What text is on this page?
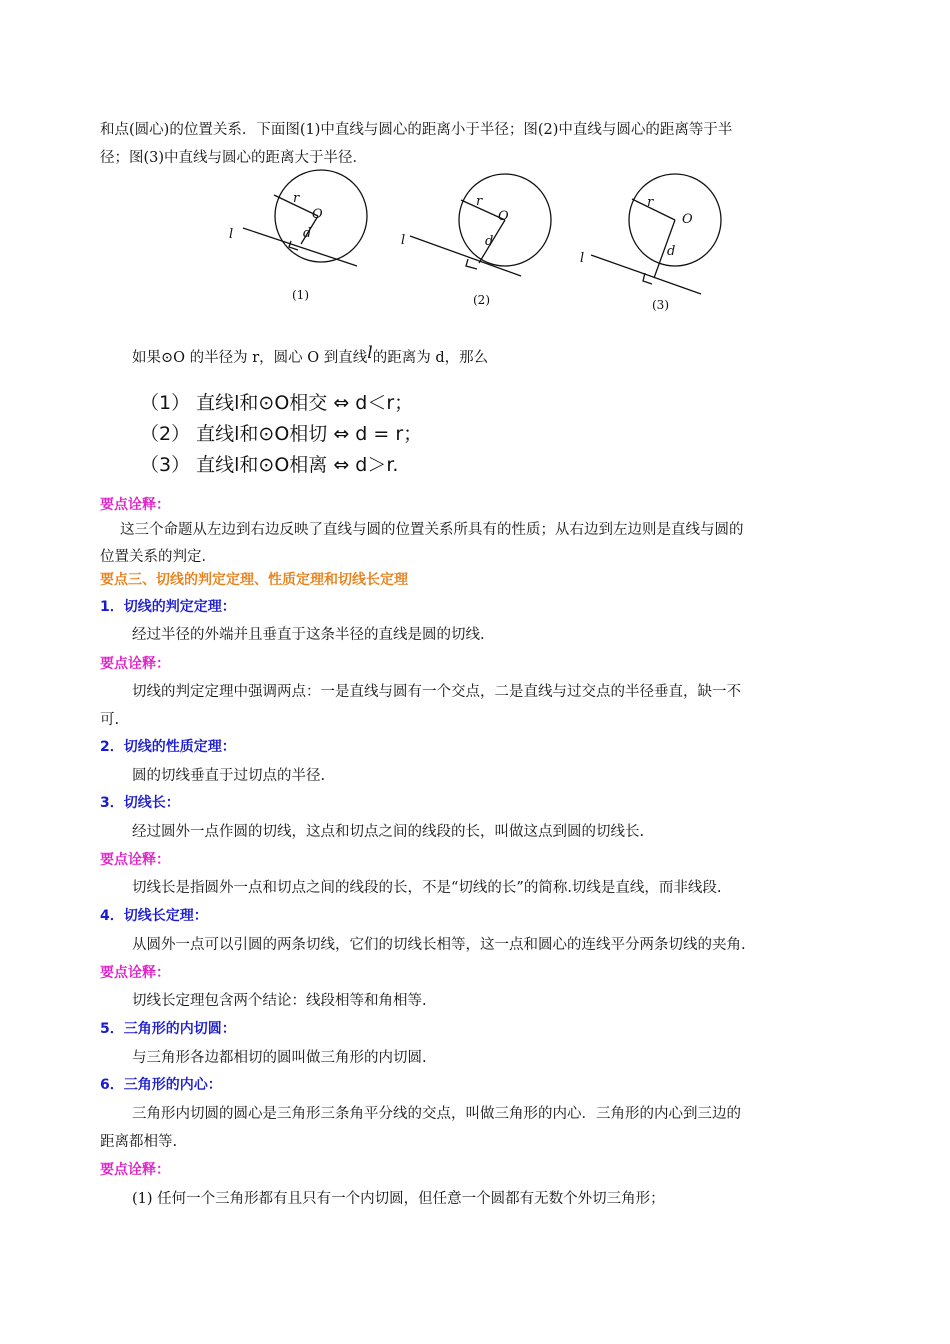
和点(圆心)的位置关系．下面图(1)中直线与圆心的距离小于半径；图(2)中直线与圆心的距离等于半
径；图(3)中直线与圆心的距离大于半径．
l
r
O
d	l
r
O
d
l
r
O
d
(1)	(2)	(3)
如果⊙O 的半径为 r，圆心 O 到直线l的距离为 d，那么
（1） 直线l和⊙O相交 ⇔ d＜r；
（2） 直线l和⊙O相切 ⇔ d = r；
（3） 直线l和⊙O相离 ⇔ d＞r.
要点诠释：
这三个命题从左边到右边反映了直线与圆的位置关系所具有的性质；从右边到左边则是直线与圆的
位置关系的判定．
要点三、切线的判定定理、性质定理和切线长定理
1．切线的判定定理：
经过半径的外端并且垂直于这条半径的直线是圆的切线.
要点诠释：
切线的判定定理中强调两点：一是直线与圆有一个交点，二是直线与过交点的半径垂直，缺一不
可.
2．切线的性质定理：
圆的切线垂直于过切点的半径.
3．切线长：
经过圆外一点作圆的切线，这点和切点之间的线段的长，叫做这点到圆的切线长.
要点诠释：
切线长是指圆外一点和切点之间的线段的长，不是“切线的长”的简称.切线是直线，而非线段.
4．切线长定理：
从圆外一点可以引圆的两条切线，它们的切线长相等，这一点和圆心的连线平分两条切线的夹角.
要点诠释：
切线长定理包含两个结论：线段相等和角相等.
5．三角形的内切圆：
与三角形各边都相切的圆叫做三角形的内切圆.
6．三角形的内心：
三角形内切圆的圆心是三角形三条角平分线的交点，叫做三角形的内心．三角形的内心到三边的
距离都相等.
要点诠释：
(1) 任何一个三角形都有且只有一个内切圆，但任意一个圆都有无数个外切三角形；
